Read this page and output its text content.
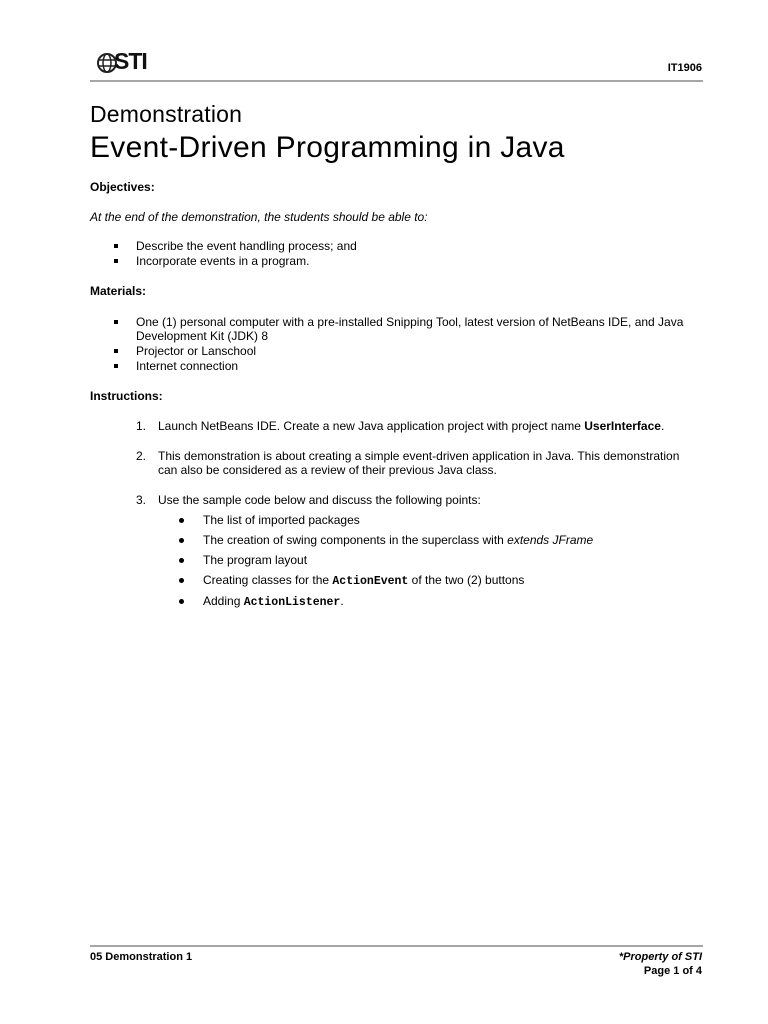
STI	IT1906
Demonstration
Event-Driven Programming in Java
Objectives:
At the end of the demonstration, the students should be able to:
Describe the event handling process; and
Incorporate events in a program.
Materials:
One (1) personal computer with a pre-installed Snipping Tool, latest version of NetBeans IDE, and Java
Development Kit (JDK) 8
Projector or Lanschool
Internet connection
Instructions:
1. Launch NetBeans IDE. Create a new Java application project with project name UserInterface.
2. This demonstration is about creating a simple event-driven application in Java. This demonstration
can also be considered as a review of their previous Java class.
3. Use the sample code below and discuss the following points:
The list of imported packages
The creation of swing components in the superclass with extends JFrame
The program layout
Creating classes for the ActionEvent of the two (2) buttons
Adding ActionListener.
05 Demonstration 1	*Property of STI
Page 1 of 4
